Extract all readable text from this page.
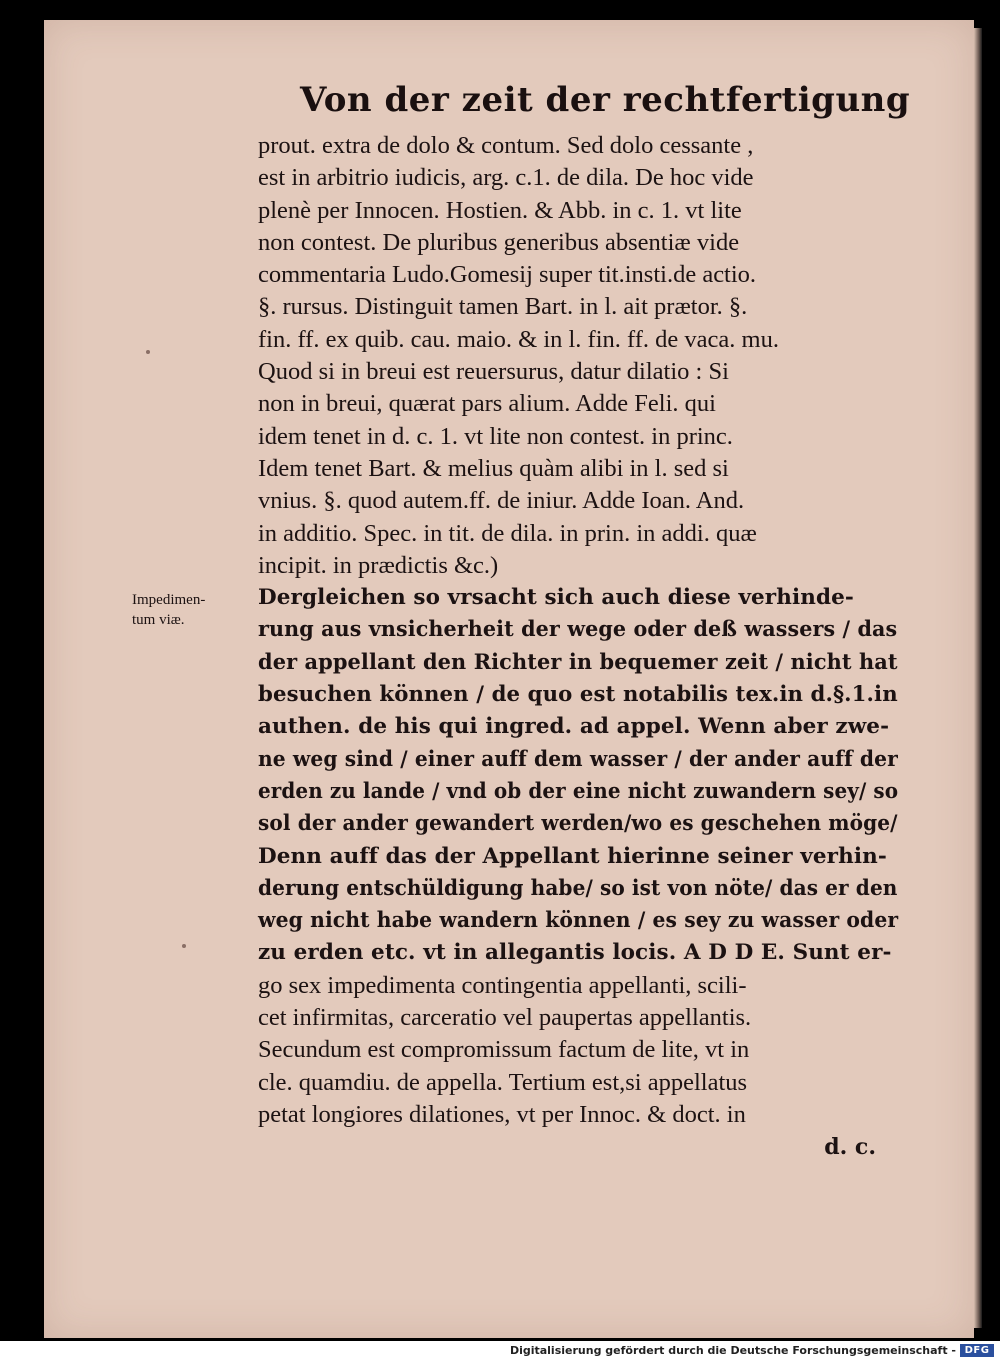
Von der zeit der rechtfertigung
Impedimen-
tum viæ.
prout. extra de dolo & contum. Sed dolo cessante ,
est in arbitrio iudicis, arg. c.1. de dila. De hoc vide
plenè per Innocen. Hostien. & Abb. in c. 1. vt lite
non contest. De pluribus generibus absentiæ vide
commentaria Ludo.Gomesij super tit.insti.de actio.
§. rursus. Distinguit tamen Bart. in l. ait prætor. §.
fin. ff. ex quib. cau. maio. & in l. fin. ff. de vaca. mu.
Quod si in breui est reuersurus, datur dilatio : Si
non in breui, quærat pars alium. Adde Feli. qui
idem tenet in d. c. 1. vt lite non contest. in princ.
Idem tenet Bart. & melius quàm alibi in l. sed si
vnius. §. quod autem.ff. de iniur. Adde Ioan. And.
in additio. Spec. in tit. de dila. in prin. in addi. quæ
incipit. in prædictis &c.)
Dergleichen so vrsacht sich auch diese verhinde-
rung aus vnsicherheit der wege oder deß wassers / das
der appellant den Richter in bequemer zeit / nicht hat
besuchen können / de quo est notabilis tex.in d.§.1.in
authen. de his qui ingred. ad appel. Wenn aber zwe-
ne weg sind / einer auff dem wasser / der ander auff der
erden zu lande / vnd ob der eine nicht zuwandern sey/ so
sol der ander gewandert werden/wo es geschehen möge/
Denn auff das der Appellant hierinne seiner verhin-
derung entschüldigung habe/ so ist von nöte/ das er den
weg nicht habe wandern können / es sey zu wasser oder
zu erden etc. vt in allegantis locis. A D D E. Sunt er-
go sex impedimenta contingentia appellanti, scili-
cet infirmitas, carceratio vel paupertas appellantis.
Secundum est compromissum factum de lite, vt in
cle. quamdiu. de appella. Tertium est,si appellatus
petat longiores dilationes, vt per Innoc. & doct. in
d. c.
Digitalisierung gefördert durch die Deutsche Forschungsgemeinschaft - DFG
